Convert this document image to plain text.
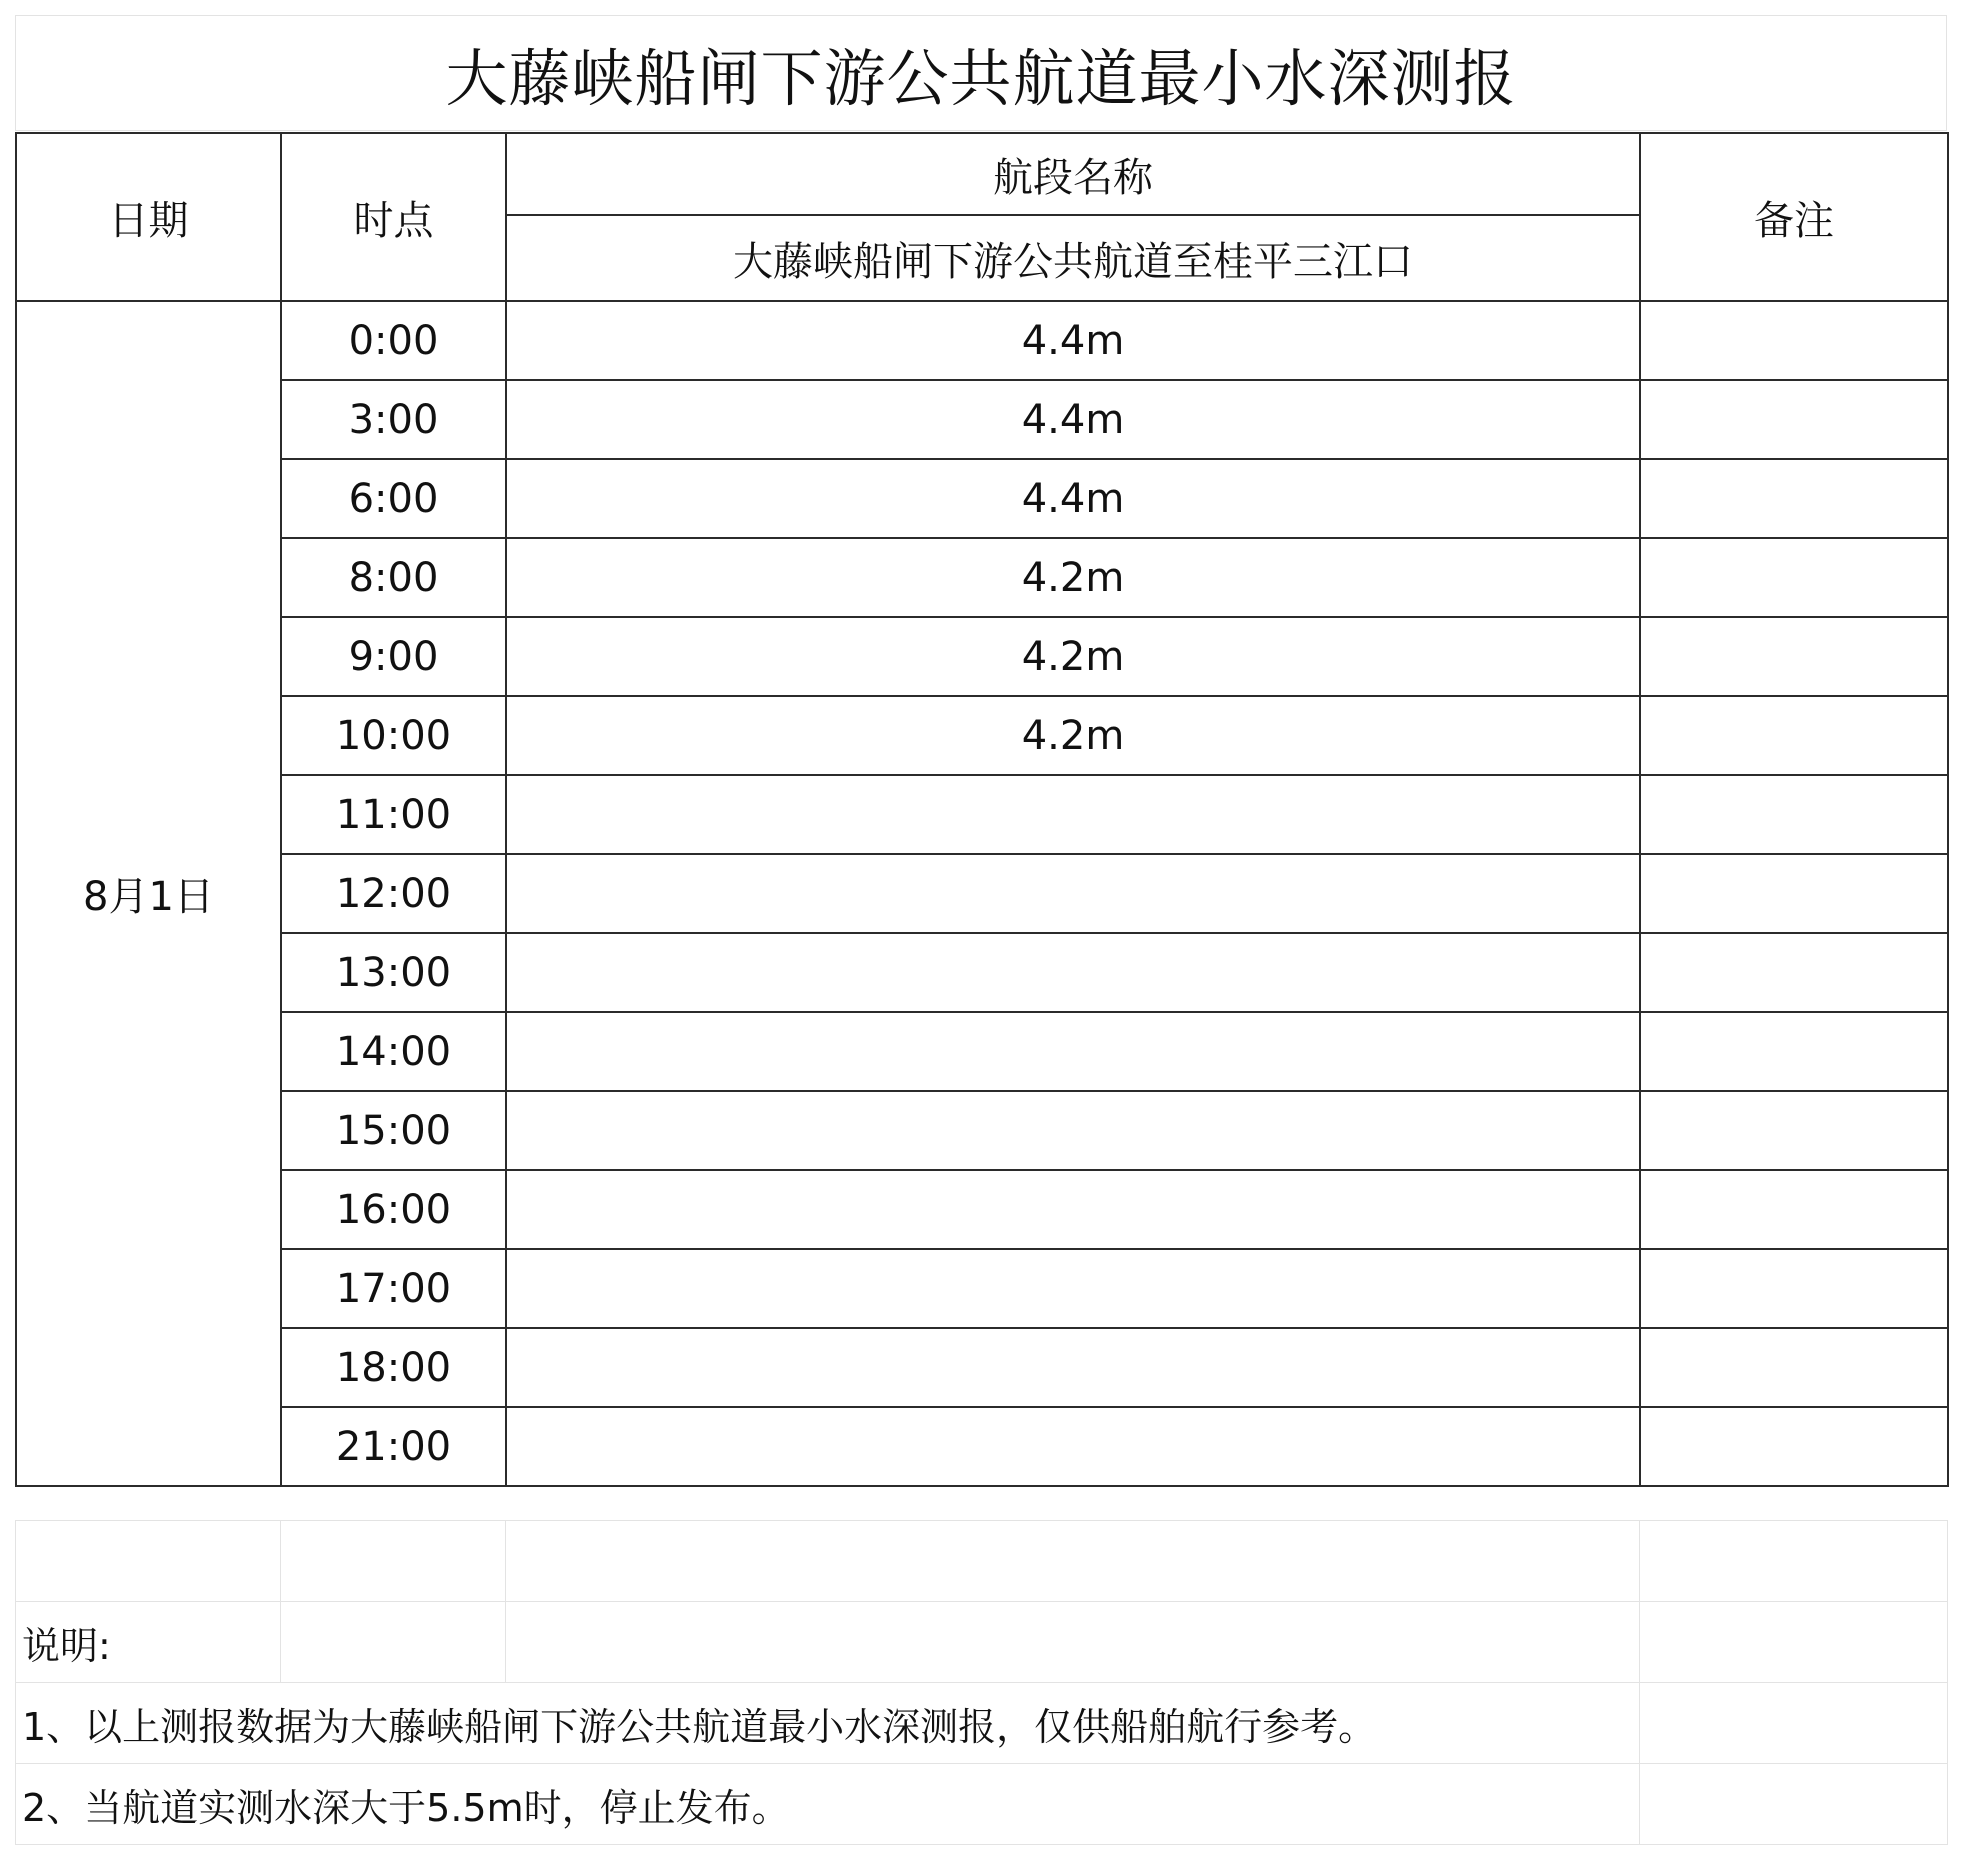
大藤峡船闸下游公共航道最小水深测报
日期	时点	航段名称	备注
		大藤峡船闸下游公共航道至桂平三江口	
8月1日	0:00	4.4m	
	3:00	4.4m	
	6:00	4.4m	
	8:00	4.2m	
	9:00	4.2m	
	10:00	4.2m	
	11:00		
	12:00		
	13:00		
	14:00		
	15:00		
	16:00		
	17:00		
	18:00		
	21:00		

说明:			
1、以上测报数据为大藤峡船闸下游公共航道最小水深测报，仅供船舶航行参考。			
2、当航道实测水深大于5.5m时，停止发布。			
